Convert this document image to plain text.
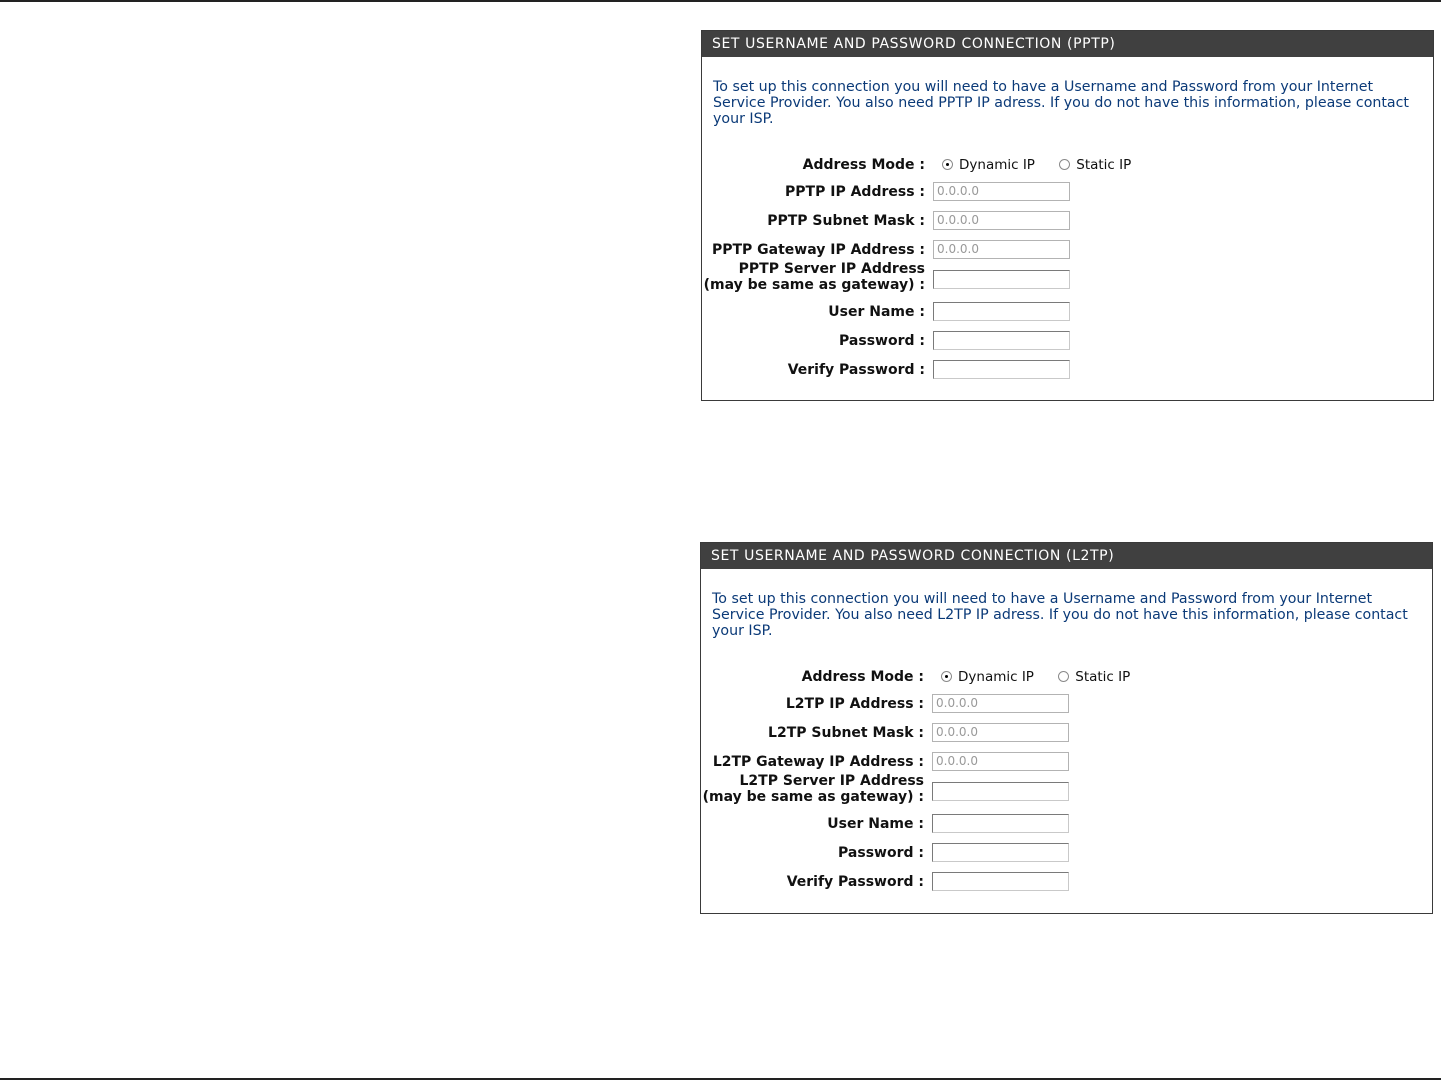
SET USERNAME AND PASSWORD CONNECTION (PPTP)
To set up this connection you will need to have a Username and Password from your Internet
Service Provider. You also need PPTP IP adress. If you do not have this information, please contact
your ISP.
Address Mode :	Dynamic IP	Static IP
PPTP IP Address :	0.0.0.0
PPTP Subnet Mask :	0.0.0.0
PPTP Gateway IP Address :	0.0.0.0
PPTP Server IP Address
(may be same as gateway) :
User Name :
Password :
Verify Password :
SET USERNAME AND PASSWORD CONNECTION (L2TP)
To set up this connection you will need to have a Username and Password from your Internet
Service Provider. You also need L2TP IP adress. If you do not have this information, please contact
your ISP.
Address Mode :	Dynamic IP	Static IP
L2TP IP Address :	0.0.0.0
L2TP Subnet Mask :	0.0.0.0
L2TP Gateway IP Address :	0.0.0.0
L2TP Server IP Address
(may be same as gateway) :
User Name :
Password :
Verify Password :
